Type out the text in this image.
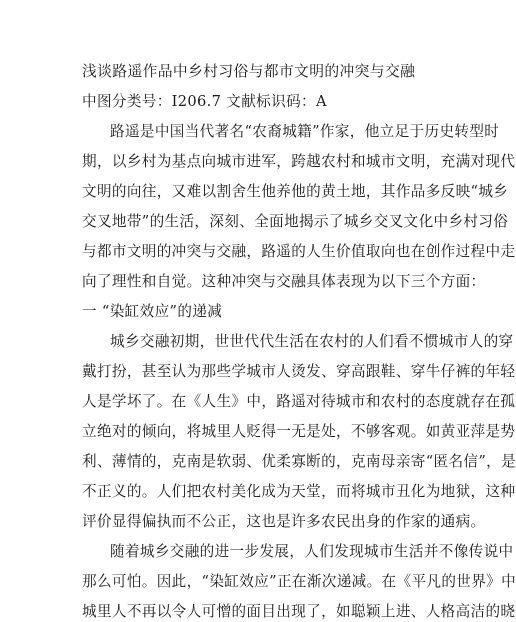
浅谈路遥作品中乡村习俗与都市文明的冲突与交融
中图分类号：I206.7 文献标识码：A
路遥是中国当代著名“农裔城籍”作家，他立足于历史转型时
期，以乡村为基点向城市进军，跨越农村和城市文明，充满对现代
文明的向往，又难以割舍生他养他的黄土地，其作品多反映“城乡
交叉地带”的生活，深刻、全面地揭示了城乡交叉文化中乡村习俗
与都市文明的冲突与交融，路遥的人生价值取向也在创作过程中走
向了理性和自觉。这种冲突与交融具体表现为以下三个方面：
一 “染缸效应”的递减
城乡交融初期，世世代代生活在农村的人们看不惯城市人的穿
戴打扮，甚至认为那些学城市人烫发、穿高跟鞋、穿牛仔裤的年轻
人是学坏了。在《人生》中，路遥对待城市和农村的态度就存在孤
立绝对的倾向，将城里人贬得一无是处，不够客观。如黄亚萍是势
利、薄情的，克南是软弱、优柔寡断的，克南母亲寄“匿名信”，是
不正义的。人们把农村美化成为天堂，而将城市丑化为地狱，这种
评价显得偏执而不公正，这也是许多农民出身的作家的通病。
随着城乡交融的进一步发展，人们发现城市生活并不像传说中
那么可怕。因此，“染缸效应”正在渐次递减。在《平凡的世界》中
城里人不再以令人可憎的面目出现了，如聪颖上进、人格高洁的晓
